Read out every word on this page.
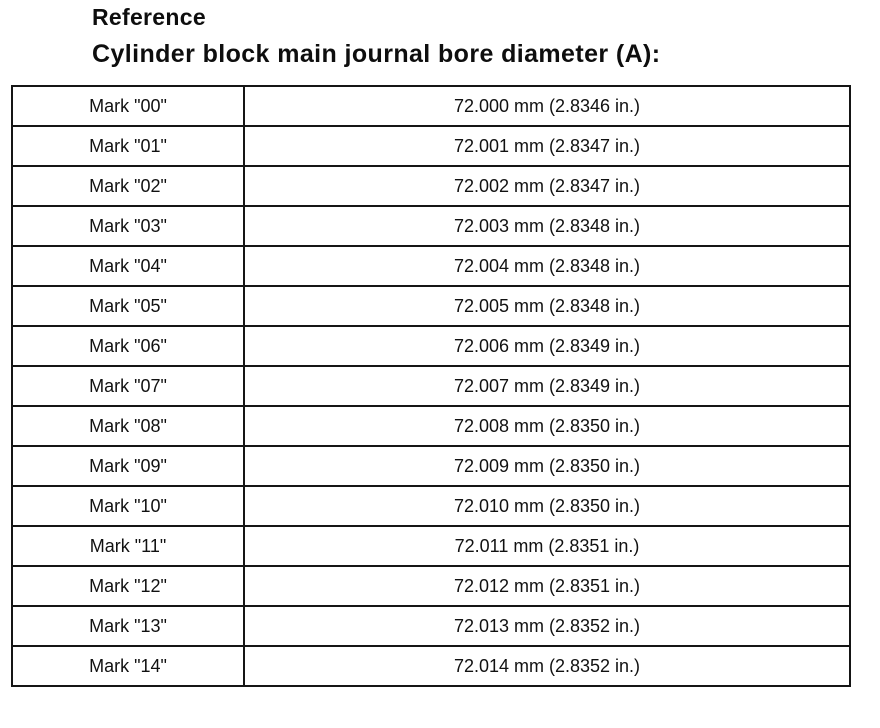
Reference
Cylinder block main journal bore diameter (A):
Mark "00"	72.000 mm (2.8346 in.)
Mark "01"	72.001 mm (2.8347 in.)
Mark "02"	72.002 mm (2.8347 in.)
Mark "03"	72.003 mm (2.8348 in.)
Mark "04"	72.004 mm (2.8348 in.)
Mark "05"	72.005 mm (2.8348 in.)
Mark "06"	72.006 mm (2.8349 in.)
Mark "07"	72.007 mm (2.8349 in.)
Mark "08"	72.008 mm (2.8350 in.)
Mark "09"	72.009 mm (2.8350 in.)
Mark "10"	72.010 mm (2.8350 in.)
Mark "11"	72.011 mm (2.8351 in.)
Mark "12"	72.012 mm (2.8351 in.)
Mark "13"	72.013 mm (2.8352 in.)
Mark "14"	72.014 mm (2.8352 in.)
